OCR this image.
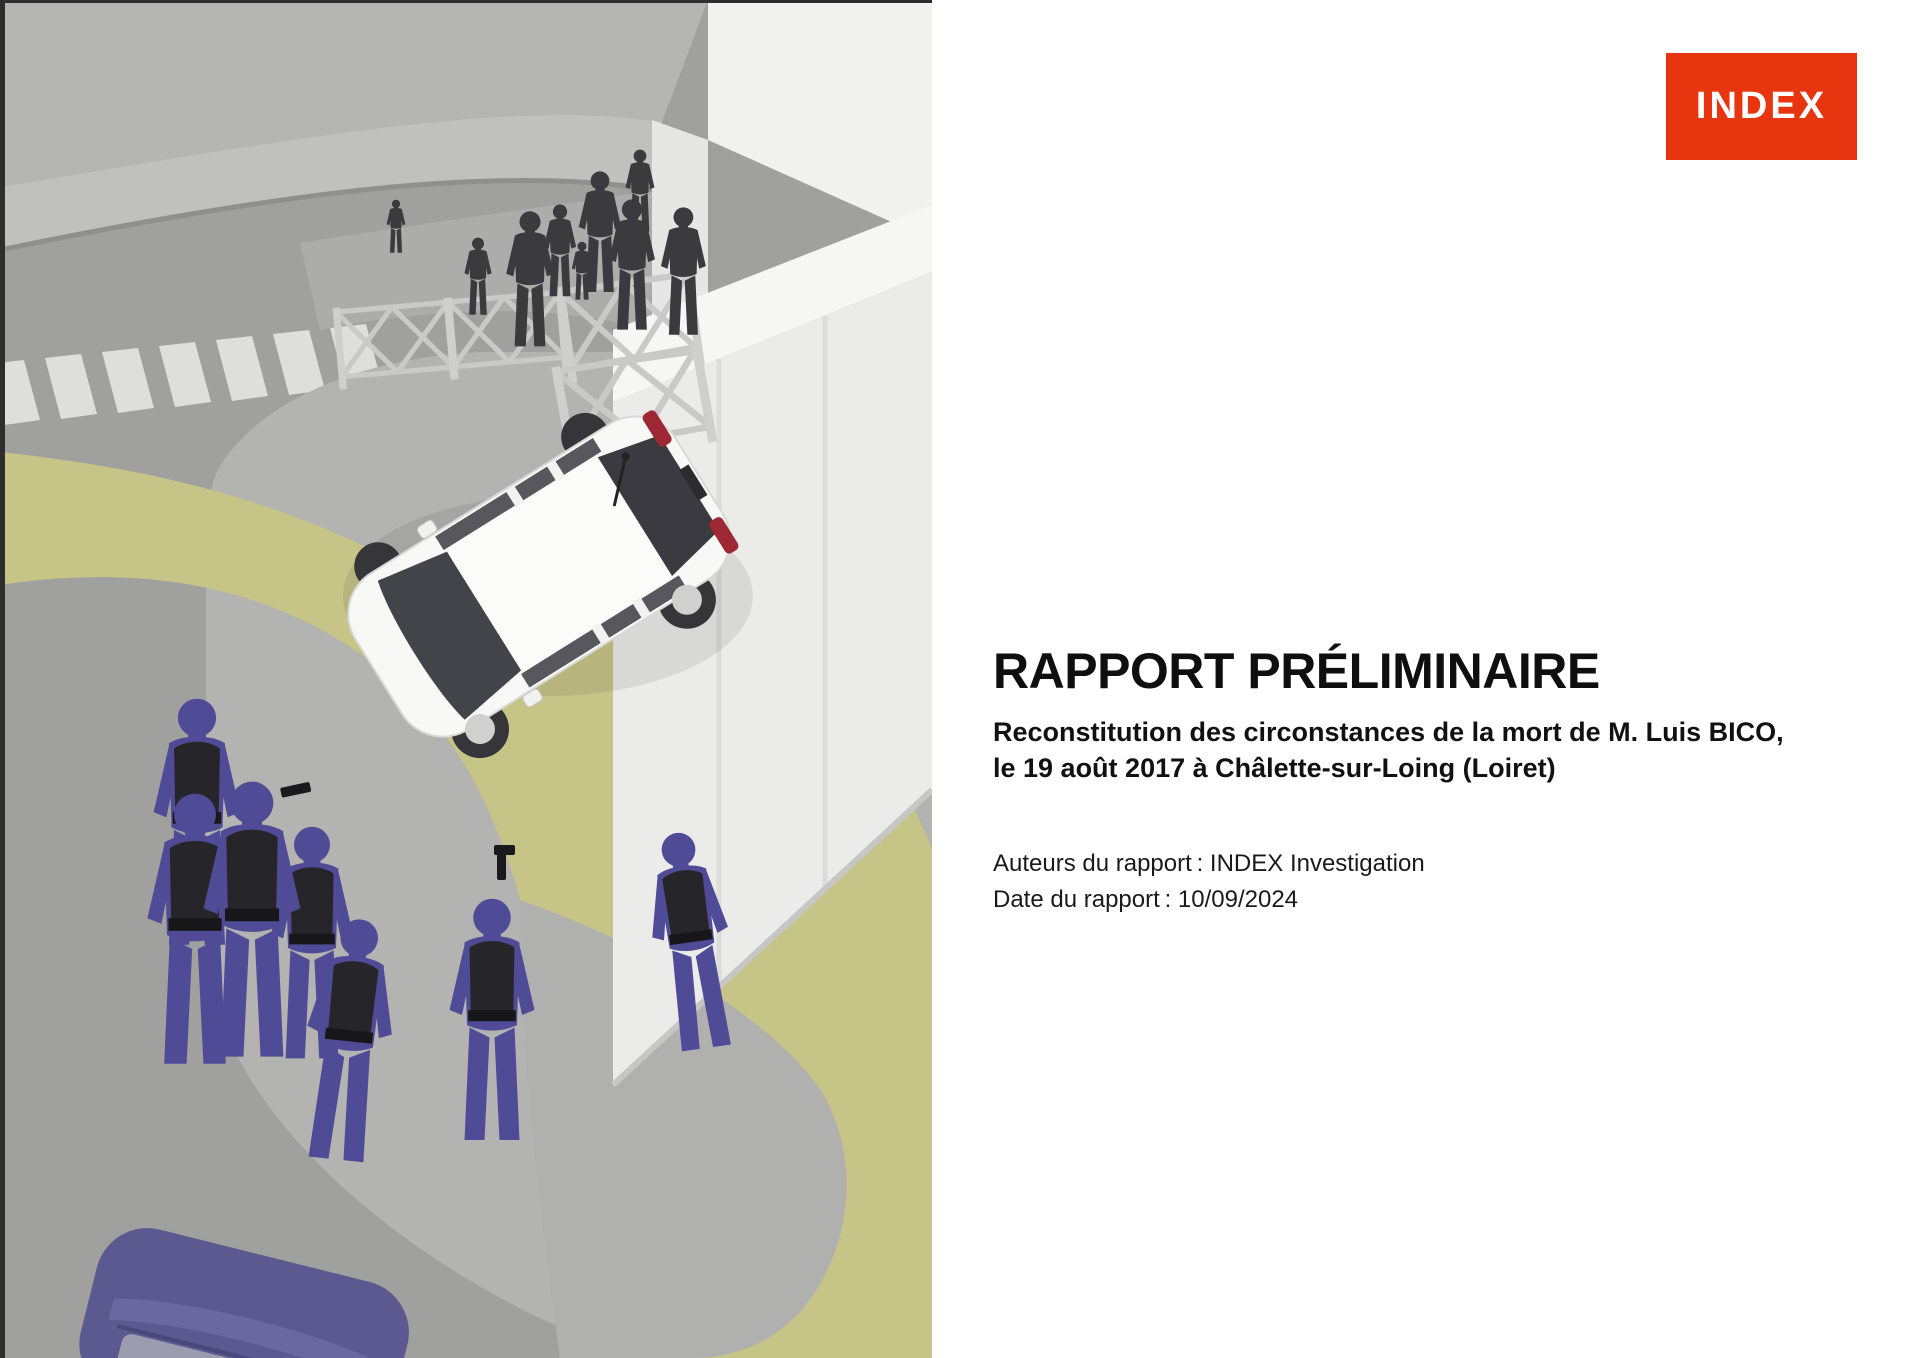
INDEX
RAPPORT PRÉLIMINAIRE
Reconstitution des circonstances de la mort de M. Luis BICO,
le 19 août 2017 à Châlette-sur-Loing (Loiret)
Auteurs du rapport : INDEX Investigation
Date du rapport : 10/09/2024
